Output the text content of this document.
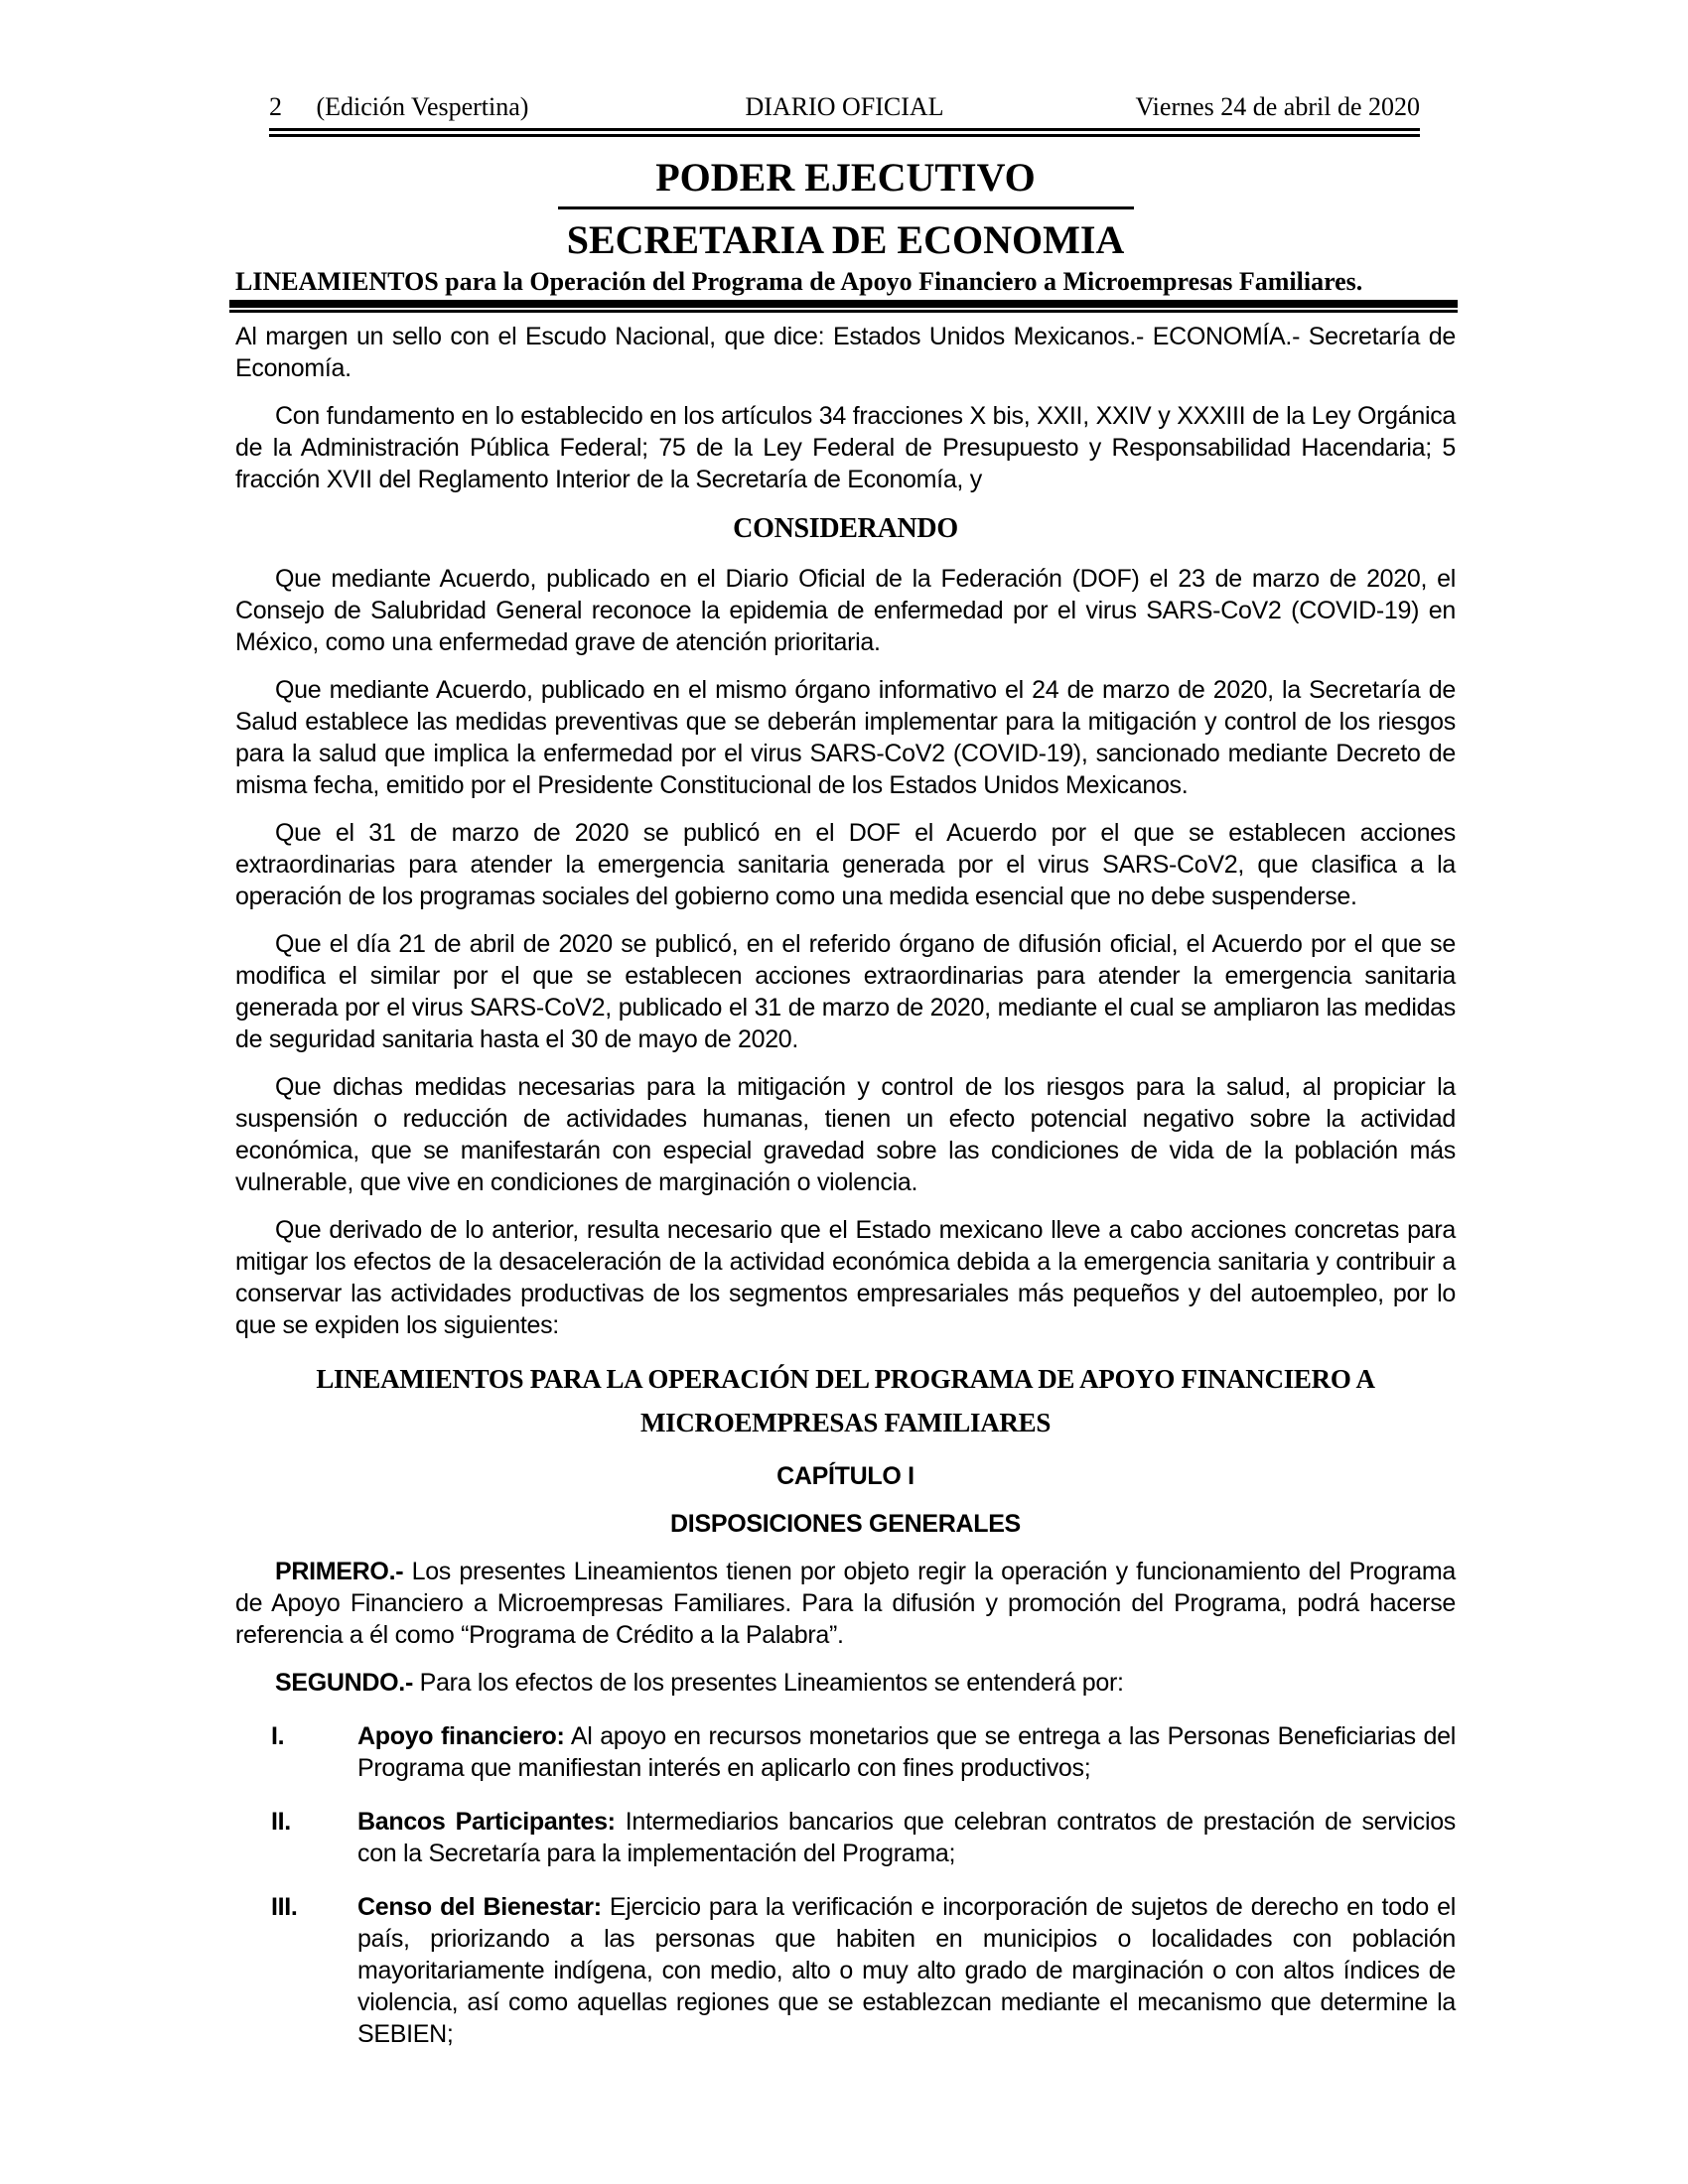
2 (Edición Vespertina)	DIARIO OFICIAL	Viernes 24 de abril de 2020
PODER EJECUTIVO
SECRETARIA DE ECONOMIA
LINEAMIENTOS para la Operación del Programa de Apoyo Financiero a Microempresas Familiares.

Al margen un sello con el Escudo Nacional, que dice: Estados Unidos Mexicanos.- ECONOMÍA.- Secretaría de Economía.

Con fundamento en lo establecido en los artículos 34 fracciones X bis, XXII, XXIV y XXXIII de la Ley Orgánica de la Administración Pública Federal; 75 de la Ley Federal de Presupuesto y Responsabilidad Hacendaria; 5 fracción XVII del Reglamento Interior de la Secretaría de Economía, y

CONSIDERANDO

Que mediante Acuerdo, publicado en el Diario Oficial de la Federación (DOF) el 23 de marzo de 2020, el Consejo de Salubridad General reconoce la epidemia de enfermedad por el virus SARS-CoV2 (COVID-19) en México, como una enfermedad grave de atención prioritaria.

Que mediante Acuerdo, publicado en el mismo órgano informativo el 24 de marzo de 2020, la Secretaría de Salud establece las medidas preventivas que se deberán implementar para la mitigación y control de los riesgos para la salud que implica la enfermedad por el virus SARS-CoV2 (COVID-19), sancionado mediante Decreto de misma fecha, emitido por el Presidente Constitucional de los Estados Unidos Mexicanos.

Que el 31 de marzo de 2020 se publicó en el DOF el Acuerdo por el que se establecen acciones extraordinarias para atender la emergencia sanitaria generada por el virus SARS-CoV2, que clasifica a la operación de los programas sociales del gobierno como una medida esencial que no debe suspenderse.

Que el día 21 de abril de 2020 se publicó, en el referido órgano de difusión oficial, el Acuerdo por el que se modifica el similar por el que se establecen acciones extraordinarias para atender la emergencia sanitaria generada por el virus SARS-CoV2, publicado el 31 de marzo de 2020, mediante el cual se ampliaron las medidas de seguridad sanitaria hasta el 30 de mayo de 2020.

Que dichas medidas necesarias para la mitigación y control de los riesgos para la salud, al propiciar la suspensión o reducción de actividades humanas, tienen un efecto potencial negativo sobre la actividad económica, que se manifestarán con especial gravedad sobre las condiciones de vida de la población más vulnerable, que vive en condiciones de marginación o violencia.

Que derivado de lo anterior, resulta necesario que el Estado mexicano lleve a cabo acciones concretas para mitigar los efectos de la desaceleración de la actividad económica debida a la emergencia sanitaria y contribuir a conservar las actividades productivas de los segmentos empresariales más pequeños y del autoempleo, por lo que se expiden los siguientes:

LINEAMIENTOS PARA LA OPERACIÓN DEL PROGRAMA DE APOYO FINANCIERO A
MICROEMPRESAS FAMILIARES
CAPÍTULO I
DISPOSICIONES GENERALES

PRIMERO.- Los presentes Lineamientos tienen por objeto regir la operación y funcionamiento del Programa de Apoyo Financiero a Microempresas Familiares. Para la difusión y promoción del Programa, podrá hacerse referencia a él como “Programa de Crédito a la Palabra”.

SEGUNDO.- Para los efectos de los presentes Lineamientos se entenderá por:

I.	Apoyo financiero: Al apoyo en recursos monetarios que se entrega a las Personas Beneficiarias del Programa que manifiestan interés en aplicarlo con fines productivos;
II.	Bancos Participantes: Intermediarios bancarios que celebran contratos de prestación de servicios con la Secretaría para la implementación del Programa;
III.	Censo del Bienestar: Ejercicio para la verificación e incorporación de sujetos de derecho en todo el país, priorizando a las personas que habiten en municipios o localidades con población mayoritariamente indígena, con medio, alto o muy alto grado de marginación o con altos índices de violencia, así como aquellas regiones que se establezcan mediante el mecanismo que determine la SEBIEN;
